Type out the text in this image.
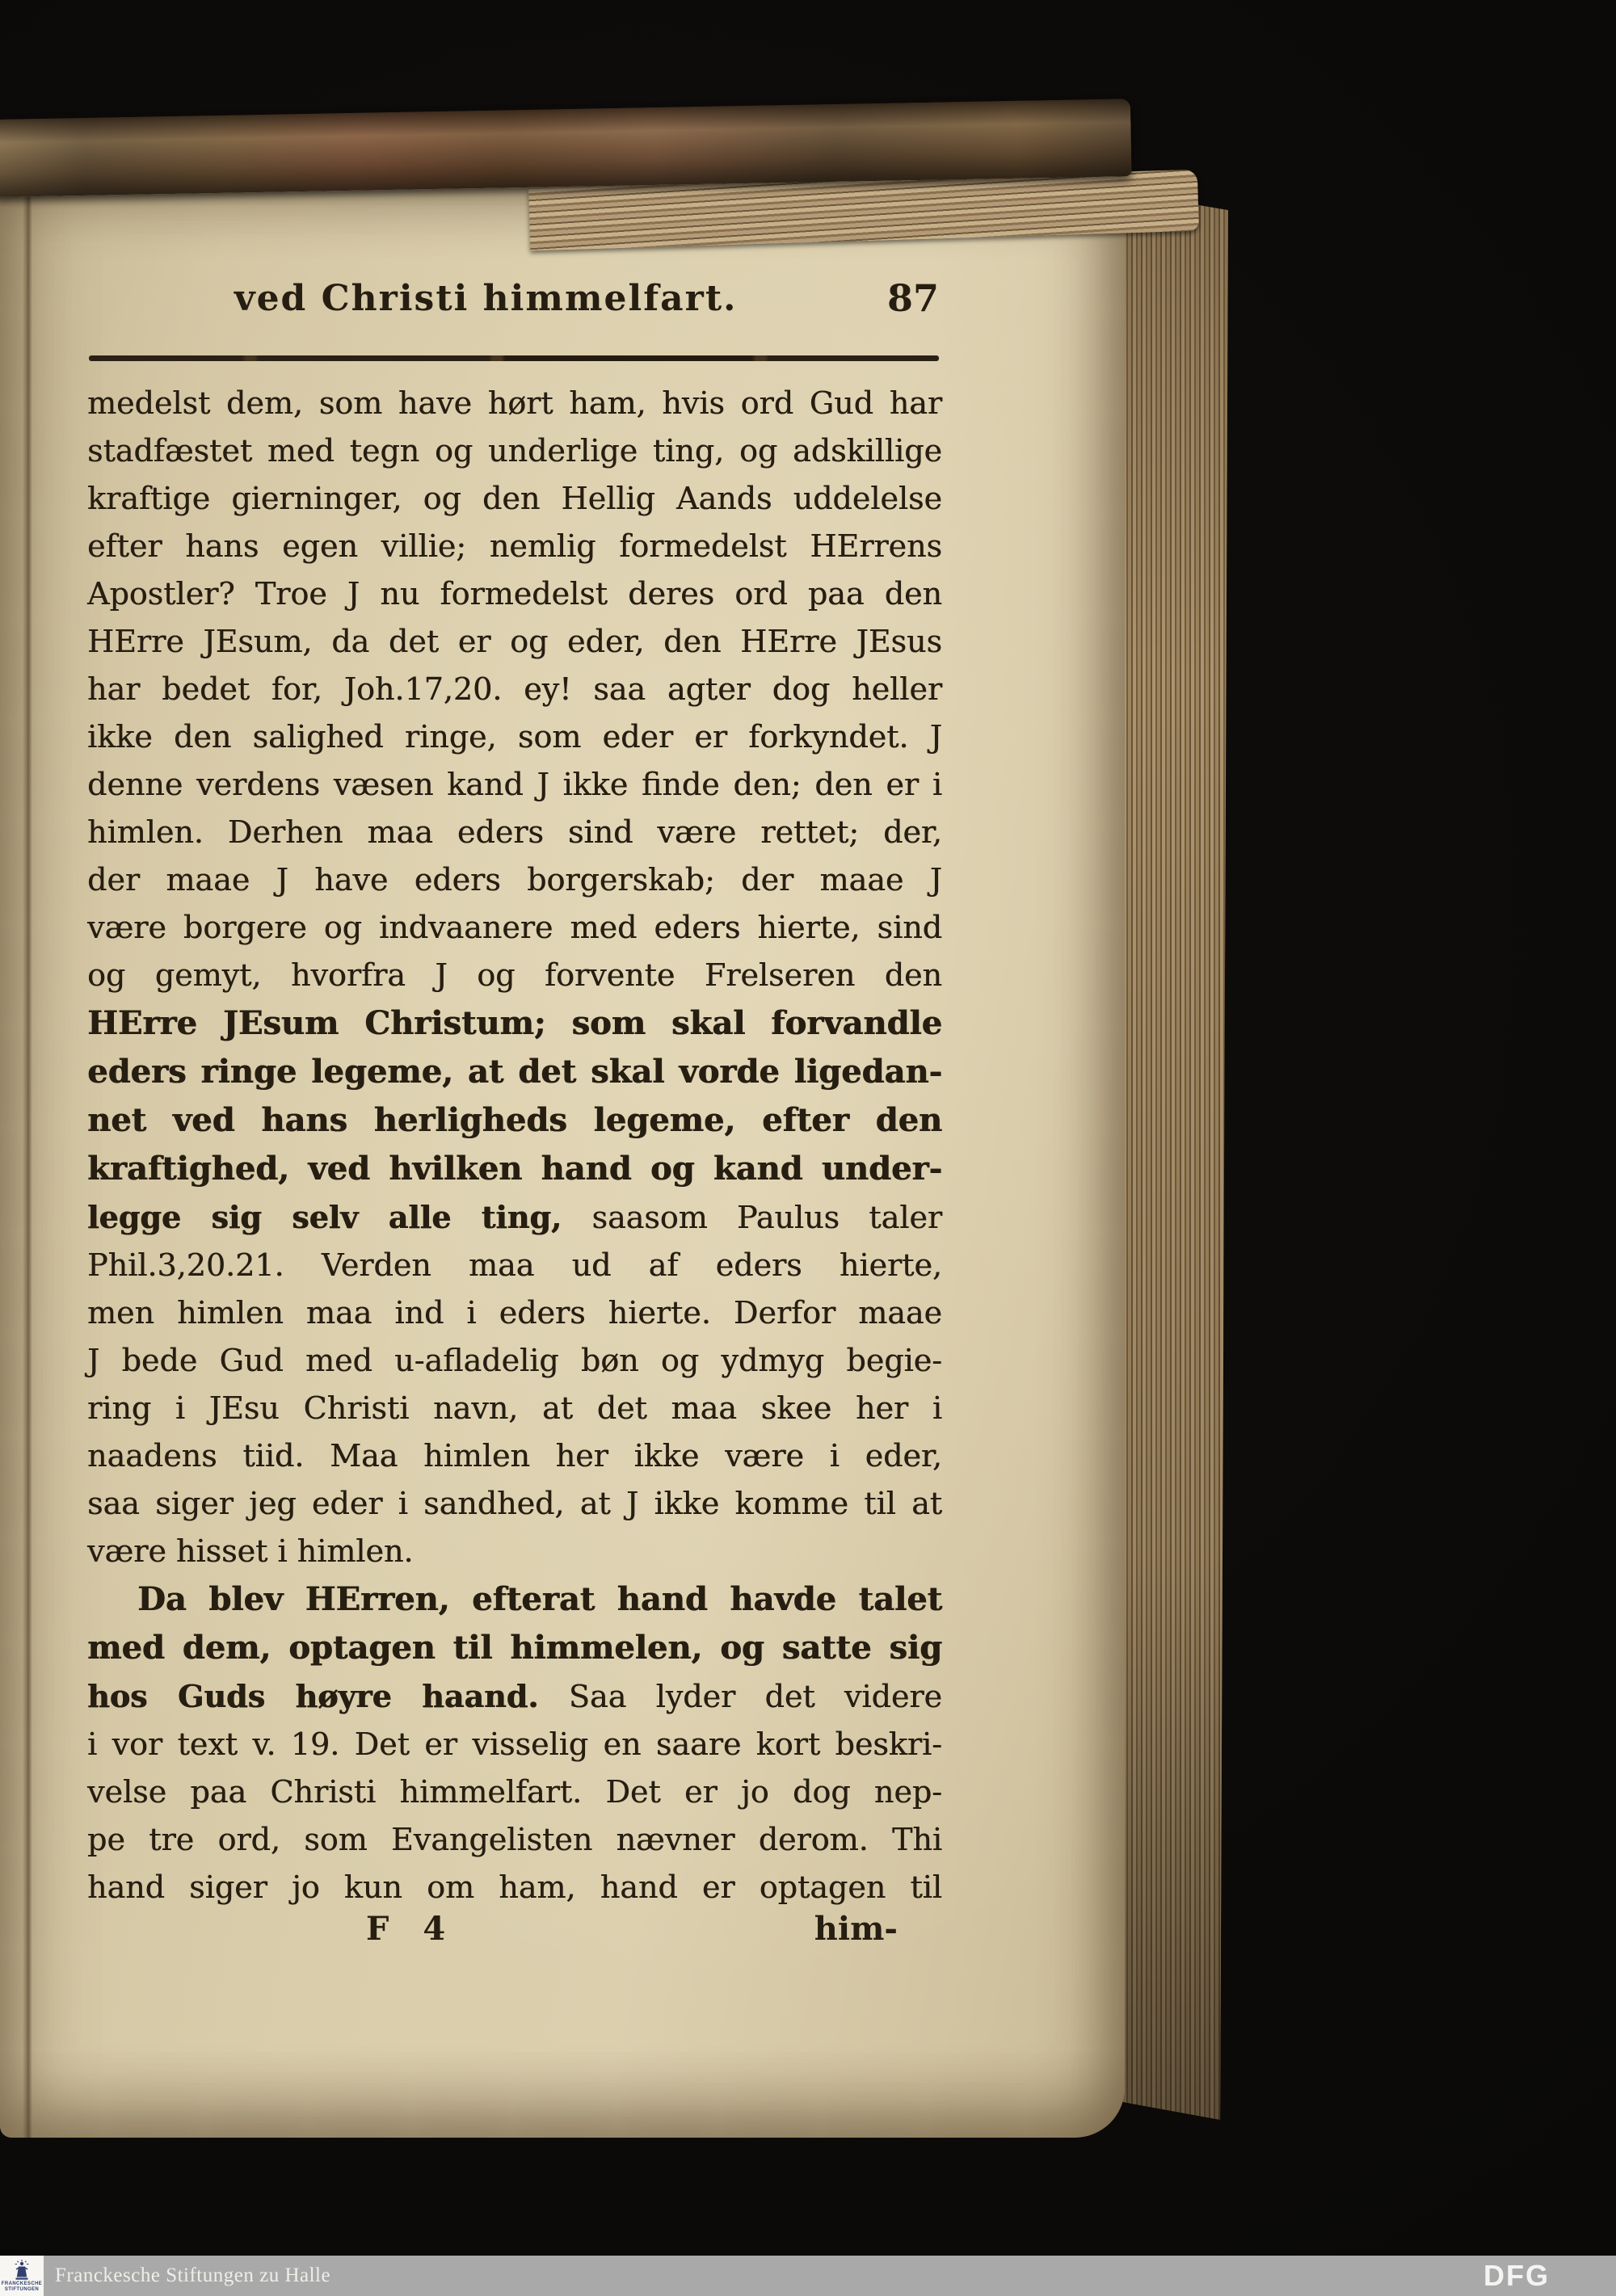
ved Christi himmelfart.	87
medelst dem, som have hørt ham, hvis ord Gud har
stadfæstet med tegn og underlige ting, og adskillige
kraftige gierninger, og den Hellig Aands uddelelse
efter hans egen villie; nemlig formedelst HErrens
Apostler? Troe J nu formedelst deres ord paa den
HErre JEsum, da det er og eder, den HErre JEsus
har bedet for, Joh.17,20. ey! saa agter dog heller
ikke den salighed ringe, som eder er forkyndet. J
denne verdens væsen kand J ikke finde den; den er i
himlen. Derhen maa eders sind være rettet; der,
der maae J have eders borgerskab; der maae J
være borgere og indvaanere med eders hierte, sind
og gemyt, hvorfra J og forvente Frelseren den
HErre JEsum Christum; som skal forvandle
eders ringe legeme, at det skal vorde ligedan-
net ved hans herligheds legeme, efter den
kraftighed, ved hvilken hand og kand under-
legge sig selv alle ting, saasom Paulus taler
Phil.3,20.21. Verden maa ud af eders hierte,
men himlen maa ind i eders hierte. Derfor maae
J bede Gud med u-afladelig bøn og ydmyg begie-
ring i JEsu Christi navn, at det maa skee her i
naadens tiid. Maa himlen her ikke være i eder,
saa siger jeg eder i sandhed, at J ikke komme til at
være hisset i himlen.
Da blev HErren, efterat hand havde talet
med dem, optagen til himmelen, og satte sig
hos Guds høyre haand. Saa lyder det videre
i vor text v. 19. Det er visselig en saare kort beskri-
velse paa Christi himmelfart. Det er jo dog nep-
pe tre ord, som Evangelisten nævner derom. Thi
hand siger jo kun om ham, hand er optagen til
F 4	him-
FRANCKESCHE
STIFTUNGEN
Franckesche Stiftungen zu Halle	DFG
